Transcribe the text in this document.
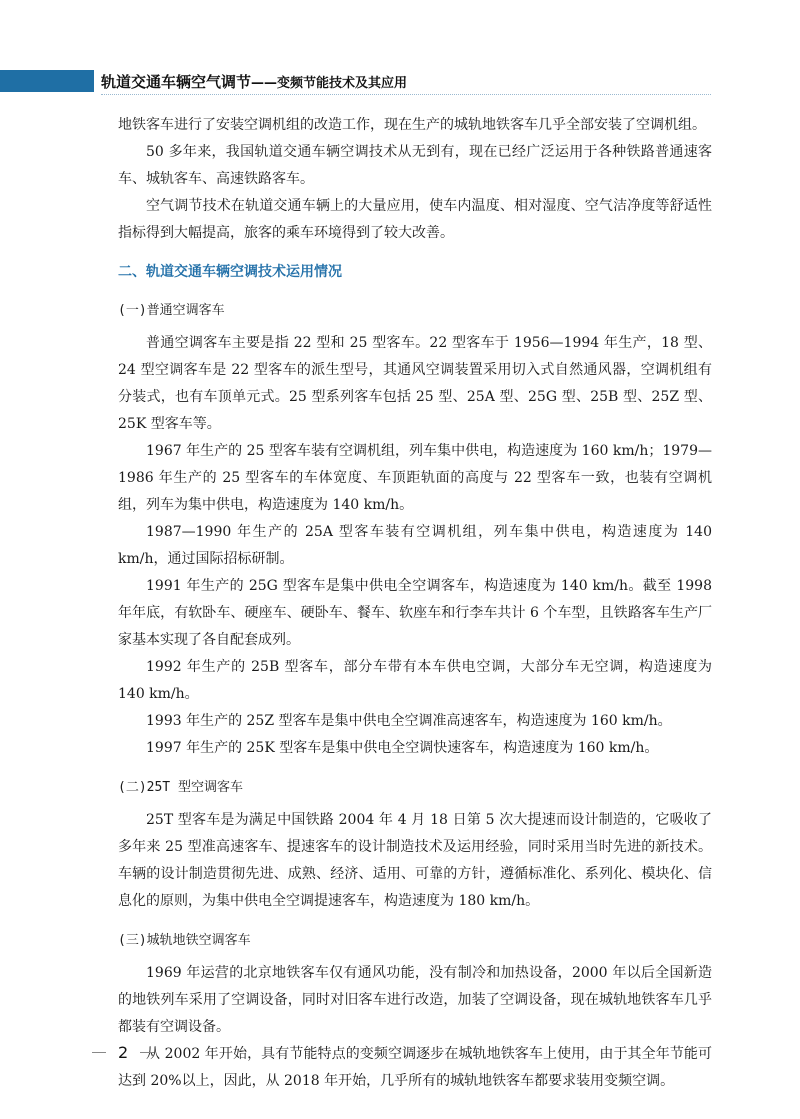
轨道交通车辆空气调节 ——变频节能技术及其应用

地铁客车进行了安装空调机组的改造工作，现在生产的城轨地铁客车几乎全部安装了空调机组。

50 多年来，我国轨道交通车辆空调技术从无到有，现在已经广泛运用于各种铁路普通速客车、城轨客车、高速铁路客车。

空气调节技术在轨道交通车辆上的大量应用，使车内温度、相对湿度、空气洁净度等舒适性指标得到大幅提高，旅客的乘车环境得到了较大改善。

二、轨道交通车辆空调技术运用情况

(一)普通空调客车

普通空调客车主要是指 22 型和 25 型客车。22 型客车于 1956—1994 年生产，18 型、24 型空调客车是 22 型客车的派生型号，其通风空调装置采用切入式自然通风器，空调机组有分装式，也有车顶单元式。25 型系列客车包括 25 型、25A 型、25G 型、25B 型、25Z 型、25K 型客车等。

1967 年生产的 25 型客车装有空调机组，列车集中供电，构造速度为 160 km/h；1979—1986 年生产的 25 型客车的车体宽度、车顶距轨面的高度与 22 型客车一致，也装有空调机组，列车为集中供电，构造速度为 140 km/h。

1987—1990 年生产的 25A 型客车装有空调机组，列车集中供电，构造速度为 140 km/h，通过国际招标研制。

1991 年生产的 25G 型客车是集中供电全空调客车，构造速度为 140 km/h。截至 1998 年年底，有软卧车、硬座车、硬卧车、餐车、软座车和行李车共计 6 个车型，且铁路客车生产厂家基本实现了各自配套成列。

1992 年生产的 25B 型客车，部分车带有本车供电空调，大部分车无空调，构造速度为 140 km/h。

1993 年生产的 25Z 型客车是集中供电全空调准高速客车，构造速度为 160 km/h。

1997 年生产的 25K 型客车是集中供电全空调快速客车，构造速度为 160 km/h。

(二)25T 型空调客车

25T 型客车是为满足中国铁路 2004 年 4 月 18 日第 5 次大提速而设计制造的，它吸收了多年来 25 型准高速客车、提速客车的设计制造技术及运用经验，同时采用当时先进的新技术。车辆的设计制造贯彻先进、成熟、经济、适用、可靠的方针，遵循标准化、系列化、模块化、信息化的原则，为集中供电全空调提速客车，构造速度为 180 km/h。

(三)城轨地铁空调客车

1969 年运营的北京地铁客车仅有通风功能，没有制冷和加热设备，2000 年以后全国新造的地铁列车采用了空调设备，同时对旧客车进行改造，加装了空调设备，现在城轨地铁客车几乎都装有空调设备。

从 2002 年开始，具有节能特点的变频空调逐步在城轨地铁客车上使用，由于其全年节能可达到 20%以上，因此，从 2018 年开始，几乎所有的城轨地铁客车都要求装用变频空调。

2
